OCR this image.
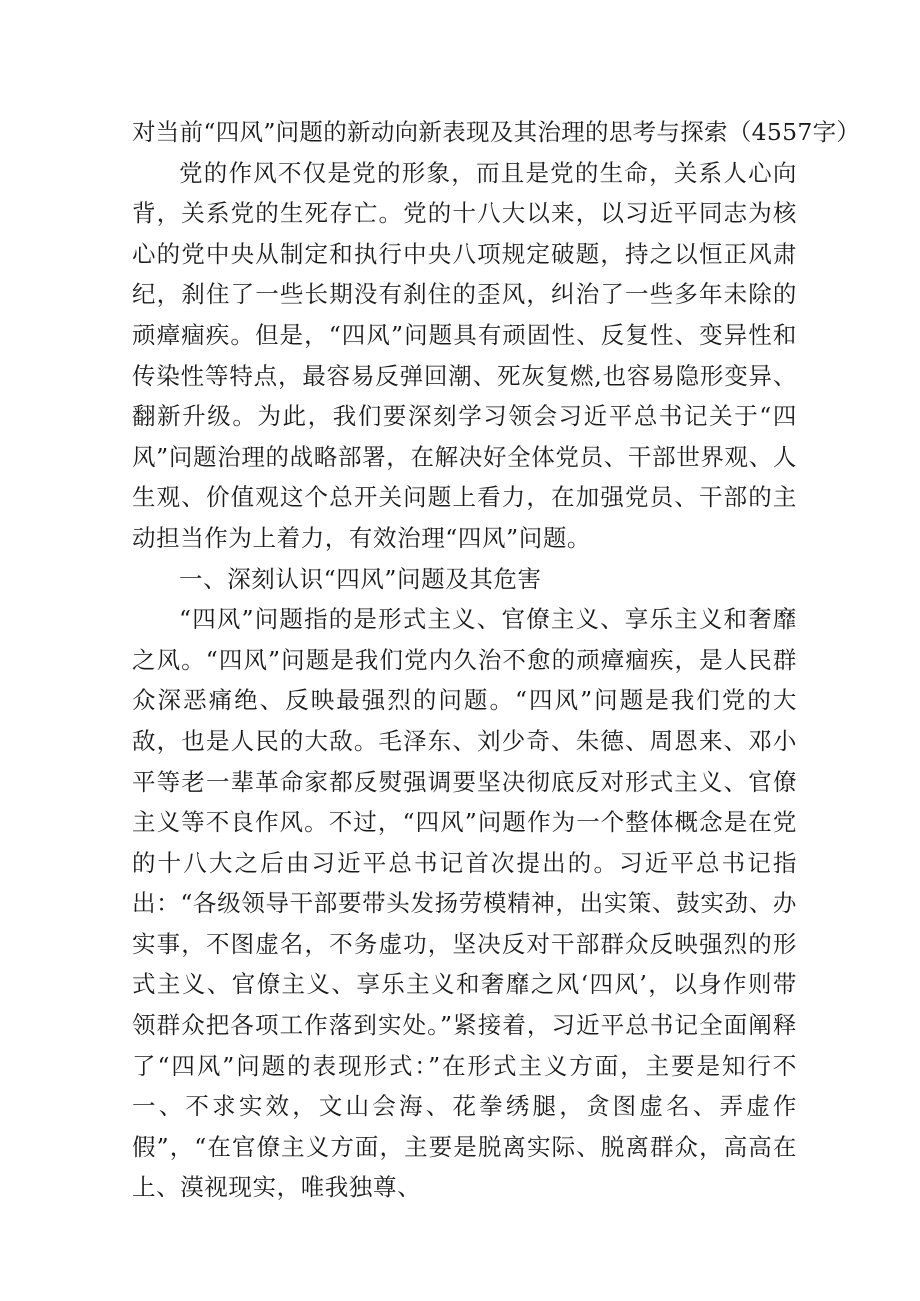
对当前“四风”问题的新动向新表现及其治理的思考与探索（4557字）

党的作风不仅是党的形象，而且是党的生命，关系人心向背，关系党的生死存亡。党的十八大以来，以习近平同志为核心的党中央从制定和执行中央八项规定破题，持之以恒正风肃纪，刹住了一些长期没有刹住的歪风，纠治了一些多年未除的顽瘴痼疾。但是，“四风”问题具有顽固性、反复性、变异性和传染性等特点，最容易反弹回潮、死灰复燃,也容易隐形变异、翻新升级。为此，我们要深刻学习领会习近平总书记关于“四风”问题治理的战略部署，在解决好全体党员、干部世界观、人生观、价值观这个总开关问题上看力，在加强党员、干部的主动担当作为上着力，有效治理“四风”问题。

一、深刻认识“四风”问题及其危害

“四风”问题指的是形式主义、官僚主义、享乐主义和奢靡之风。“四风”问题是我们党内久治不愈的顽瘴痼疾，是人民群众深恶痛绝、反映最强烈的问题。“四风”问题是我们党的大敌，也是人民的大敌。毛泽东、刘少奇、朱德、周恩来、邓小平等老一辈革命家都反熨强调要坚决彻底反对形式主义、官僚主义等不良作风。不过，“四风”问题作为一个整体概念是在党的十八大之后由习近平总书记首次提出的。习近平总书记指出：“各级领导干部要带头发扬劳模精神，出实策、鼓实劲、办实事，不图虚名，不务虚功，坚决反对干部群众反映强烈的形式主义、官僚主义、享乐主义和奢靡之风‘四风’，以身作则带领群众把各项工作落到实处。”紧接着，习近平总书记全面阐释了“四风”问题的表现形式：”在形式主义方面，主要是知行不一、不求实效，文山会海、花拳绣腿，贪图虚名、弄虚作假”，“在官僚主义方面，主要是脱离实际、脱离群众，高高在上、漠视现实，唯我独尊、
